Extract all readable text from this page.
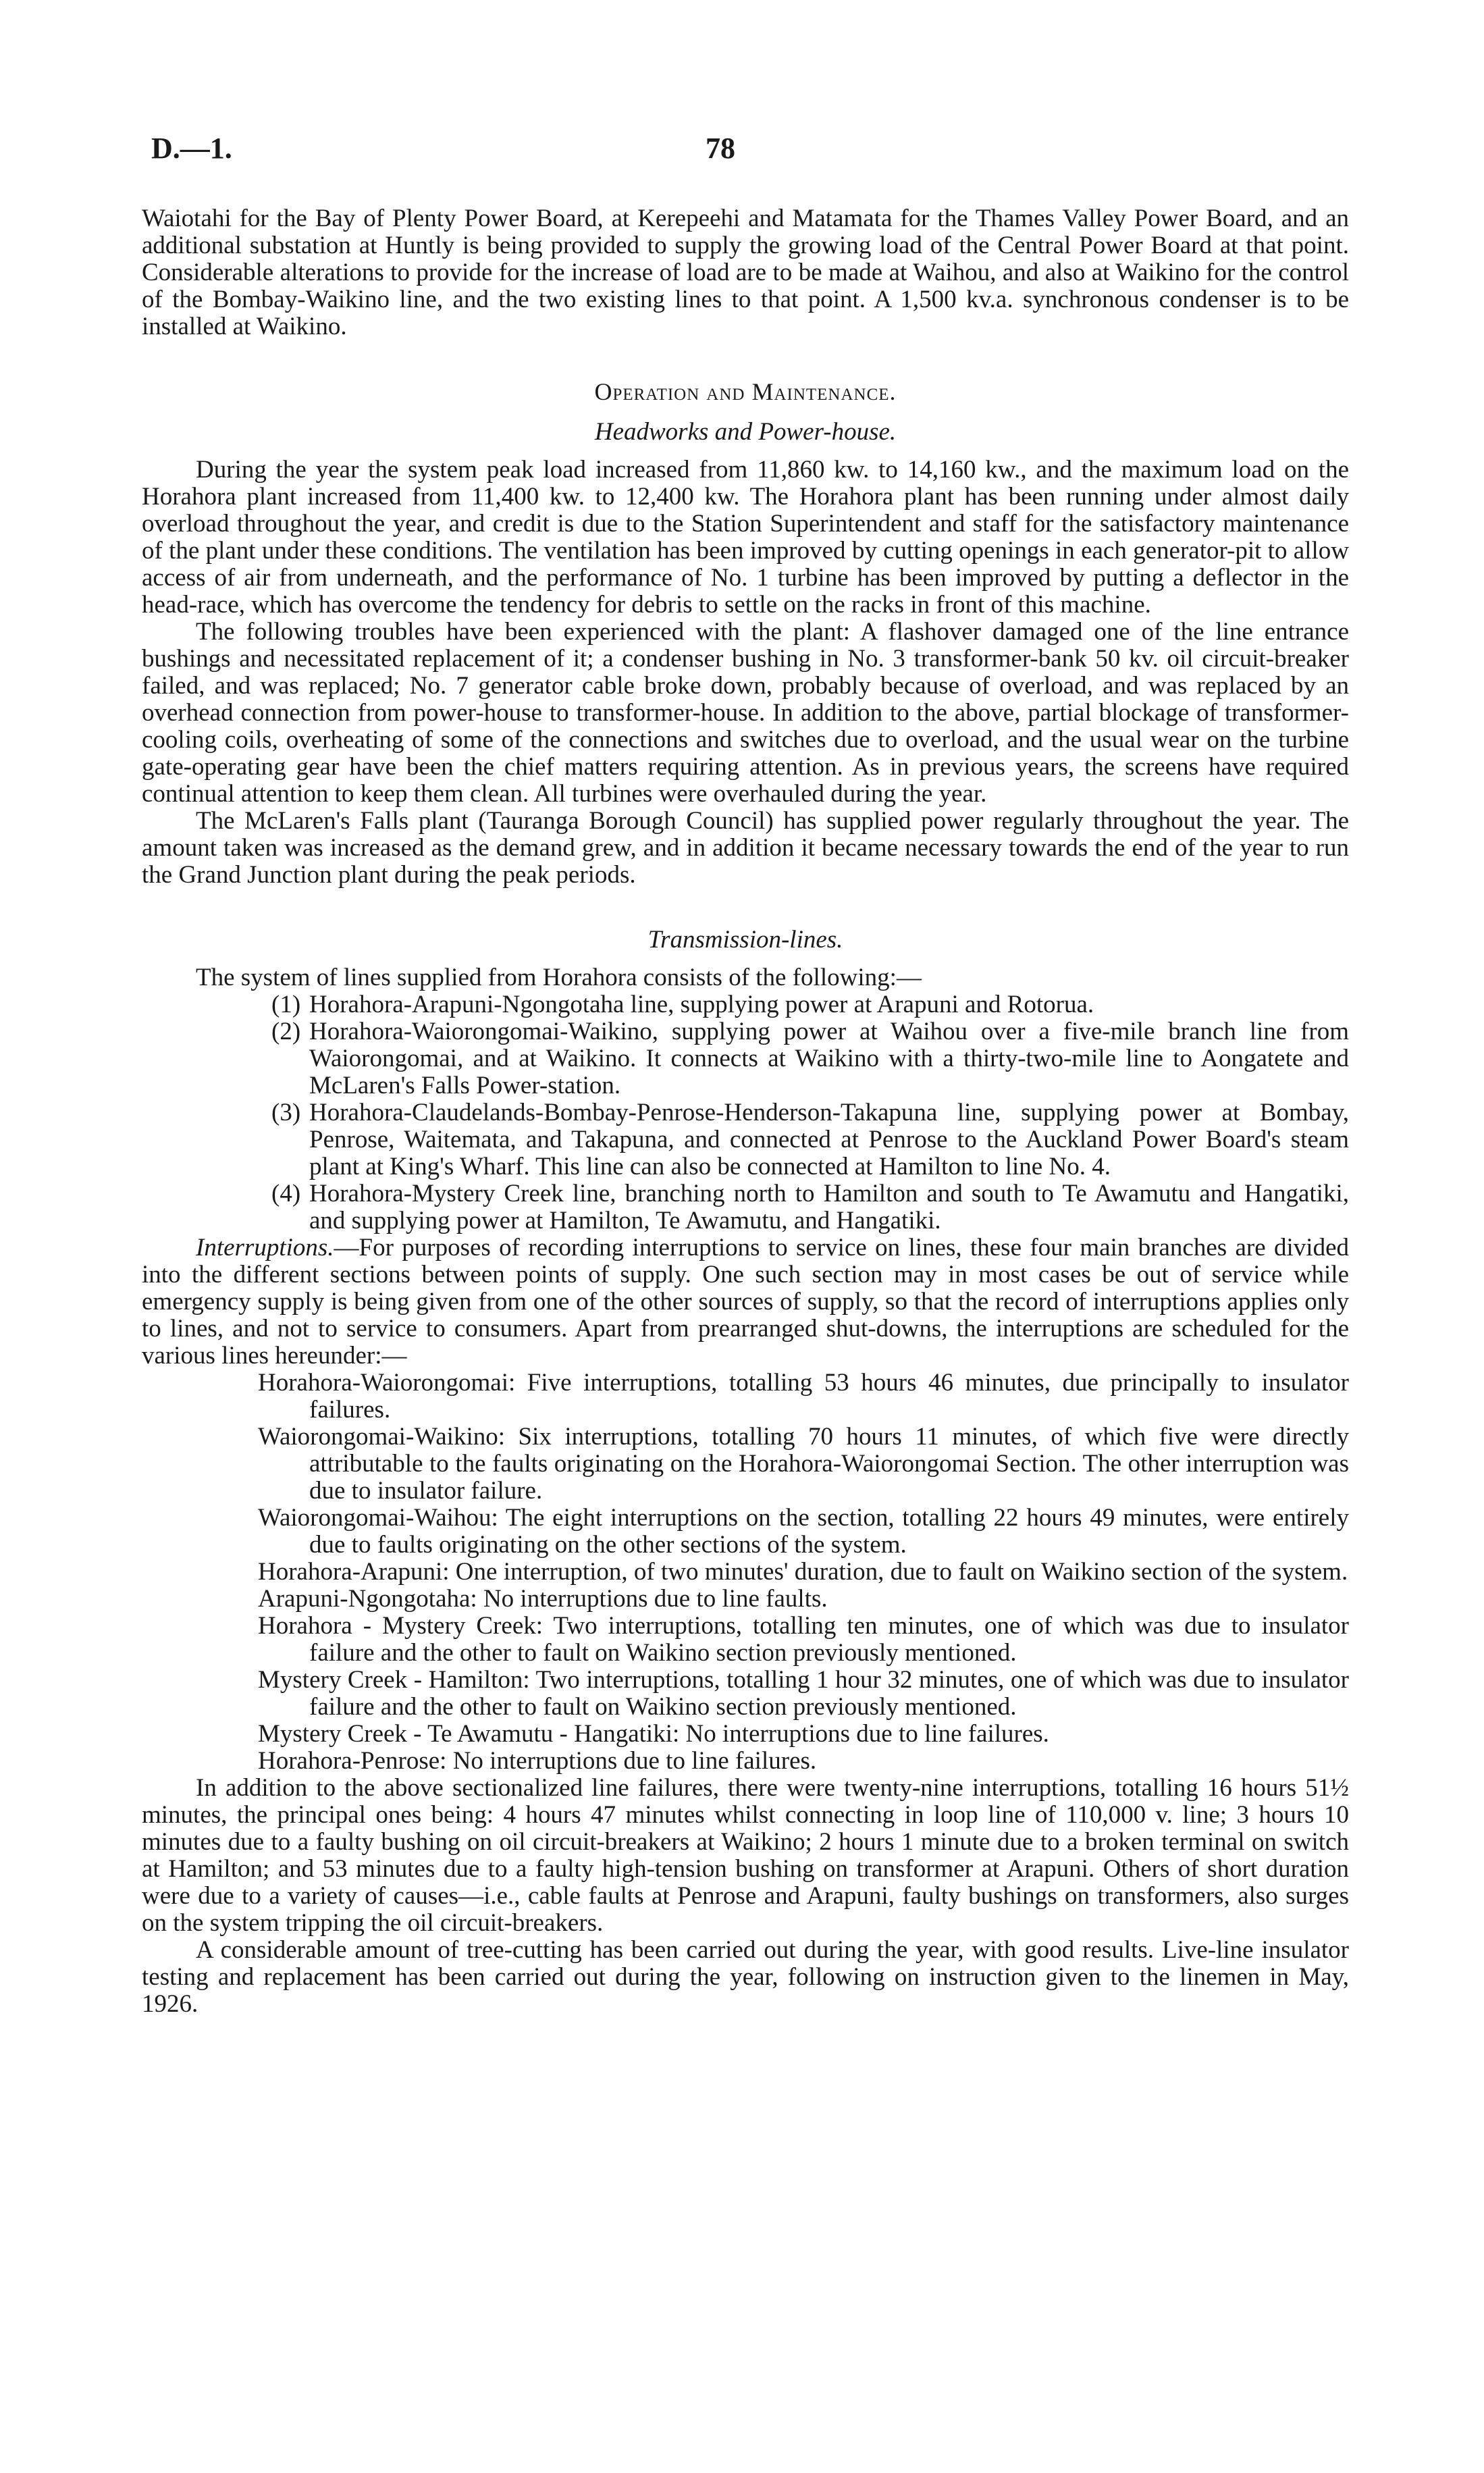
D.—1.	78

Waiotahi for the Bay of Plenty Power Board, at Kerepeehi and Matamata for the Thames Valley Power Board, and an additional substation at Huntly is being provided to supply the growing load of the Central Power Board at that point. Considerable alterations to provide for the increase of load are to be made at Waihou, and also at Waikino for the control of the Bombay-Waikino line, and the two existing lines to that point. A 1,500 kv.a. synchronous condenser is to be installed at Waikino.

Operation and Maintenance.
Headworks and Power-house.

During the year the system peak load increased from 11,860 kw. to 14,160 kw., and the maximum load on the Horahora plant increased from 11,400 kw. to 12,400 kw. The Horahora plant has been running under almost daily overload throughout the year, and credit is due to the Station Superintendent and staff for the satisfactory maintenance of the plant under these conditions. The ventilation has been improved by cutting openings in each generator-pit to allow access of air from underneath, and the performance of No. 1 turbine has been improved by putting a deflector in the head-race, which has overcome the tendency for debris to settle on the racks in front of this machine.

The following troubles have been experienced with the plant: A flashover damaged one of the line entrance bushings and necessitated replacement of it; a condenser bushing in No. 3 transformer-bank 50 kv. oil circuit-breaker failed, and was replaced; No. 7 generator cable broke down, probably because of overload, and was replaced by an overhead connection from power-house to transformer-house. In addition to the above, partial blockage of transformer-cooling coils, overheating of some of the connections and switches due to overload, and the usual wear on the turbine gate-operating gear have been the chief matters requiring attention. As in previous years, the screens have required continual attention to keep them clean. All turbines were overhauled during the year.

The McLaren's Falls plant (Tauranga Borough Council) has supplied power regularly throughout the year. The amount taken was increased as the demand grew, and in addition it became necessary towards the end of the year to run the Grand Junction plant during the peak periods.

Transmission-lines.

The system of lines supplied from Horahora consists of the following:—

(1) Horahora-Arapuni-Ngongotaha line, supplying power at Arapuni and Rotorua.
(2) Horahora-Waiorongomai-Waikino, supplying power at Waihou over a five-mile branch line from Waiorongomai, and at Waikino. It connects at Waikino with a thirty-two-mile line to Aongatete and McLaren's Falls Power-station.
(3) Horahora-Claudelands-Bombay-Penrose-Henderson-Takapuna line, supplying power at Bombay, Penrose, Waitemata, and Takapuna, and connected at Penrose to the Auckland Power Board's steam plant at King's Wharf. This line can also be connected at Hamilton to line No. 4.
(4) Horahora-Mystery Creek line, branching north to Hamilton and south to Te Awamutu and Hangatiki, and supplying power at Hamilton, Te Awamutu, and Hangatiki.

Interruptions.—For purposes of recording interruptions to service on lines, these four main branches are divided into the different sections between points of supply. One such section may in most cases be out of service while emergency supply is being given from one of the other sources of supply, so that the record of interruptions applies only to lines, and not to service to consumers. Apart from prearranged shut-downs, the interruptions are scheduled for the various lines hereunder:—

Horahora-Waiorongomai: Five interruptions, totalling 53 hours 46 minutes, due principally to insulator failures.
Waiorongomai-Waikino: Six interruptions, totalling 70 hours 11 minutes, of which five were directly attributable to the faults originating on the Horahora-Waiorongomai Section. The other interruption was due to insulator failure.
Waiorongomai-Waihou: The eight interruptions on the section, totalling 22 hours 49 minutes, were entirely due to faults originating on the other sections of the system.
Horahora-Arapuni: One interruption, of two minutes' duration, due to fault on Waikino section of the system.
Arapuni-Ngongotaha: No interruptions due to line faults.
Horahora - Mystery Creek: Two interruptions, totalling ten minutes, one of which was due to insulator failure and the other to fault on Waikino section previously mentioned.
Mystery Creek - Hamilton: Two interruptions, totalling 1 hour 32 minutes, one of which was due to insulator failure and the other to fault on Waikino section previously mentioned.
Mystery Creek - Te Awamutu - Hangatiki: No interruptions due to line failures.
Horahora-Penrose: No interruptions due to line failures.

In addition to the above sectionalized line failures, there were twenty-nine interruptions, totalling 16 hours 51½ minutes, the principal ones being: 4 hours 47 minutes whilst connecting in loop line of 110,000 v. line; 3 hours 10 minutes due to a faulty bushing on oil circuit-breakers at Waikino; 2 hours 1 minute due to a broken terminal on switch at Hamilton; and 53 minutes due to a faulty high-tension bushing on transformer at Arapuni. Others of short duration were due to a variety of causes—i.e., cable faults at Penrose and Arapuni, faulty bushings on transformers, also surges on the system tripping the oil circuit-breakers.

A considerable amount of tree-cutting has been carried out during the year, with good results. Live-line insulator testing and replacement has been carried out during the year, following on instruction given to the linemen in May, 1926.
